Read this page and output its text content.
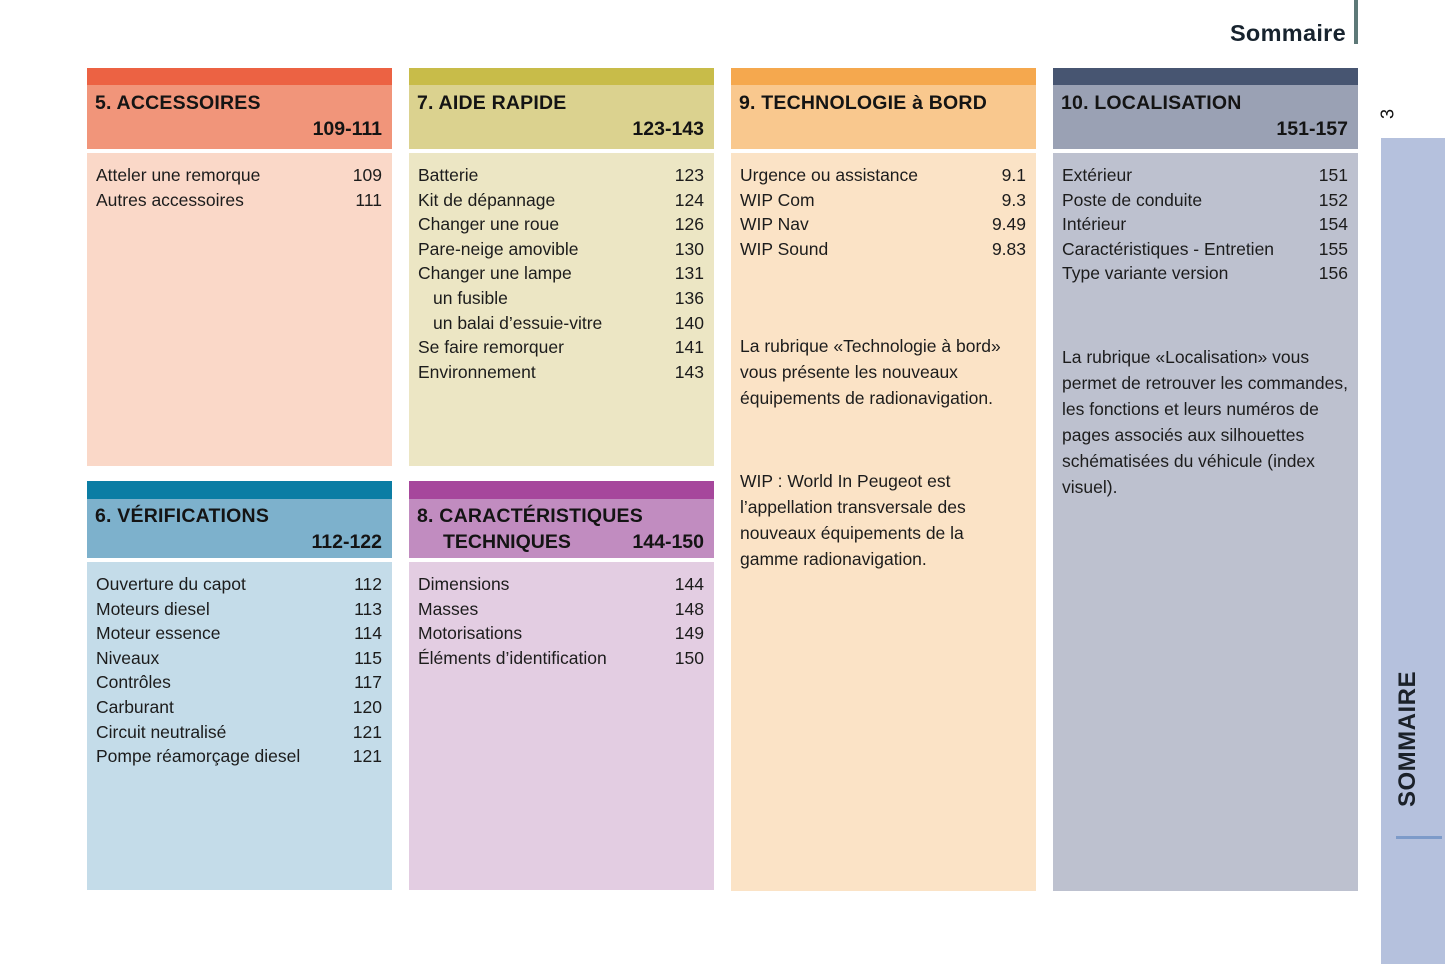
Sommaire
3
SOMMAIRE
5. ACCESSOIRES
109-111
Atteler une remorque	109
Autres accessoires	111
7. AIDE RAPIDE
123-143
Batterie	123
Kit de dépannage	124
Changer une roue	126
Pare-neige amovible	130
Changer une lampe	131
un fusible	136
un balai d’essuie-vitre	140
Se faire remorquer	141
Environnement	143
9. TECHNOLOGIE à BORD
Urgence ou assistance	9.1
WIP Com	9.3
WIP Nav	9.49
WIP Sound	9.83

La rubrique «Technologie à bord» vous présente les nouveaux équipements de radionavigation.

WIP : World In Peugeot est l’appellation transversale des nouveaux équipements de la gamme radionavigation.

10. LOCALISATION
151-157
Extérieur	151
Poste de conduite	152
Intérieur	154
Caractéristiques - Entretien	155
Type variante version	156

La rubrique «Localisation» vous permet de retrouver les commandes, les fonctions et leurs numéros de pages associés aux silhouettes schématisées du véhicule (index visuel).

6. VÉRIFICATIONS
112-122
Ouverture du capot	112
Moteurs diesel	113
Moteur essence	114
Niveaux	115
Contrôles	117
Carburant	120
Circuit neutralisé	121
Pompe réamorçage diesel	121
8. CARACTÉRISTIQUES
TECHNIQUES	144-150
Dimensions	144
Masses	148
Motorisations	149
Éléments d’identification	150
